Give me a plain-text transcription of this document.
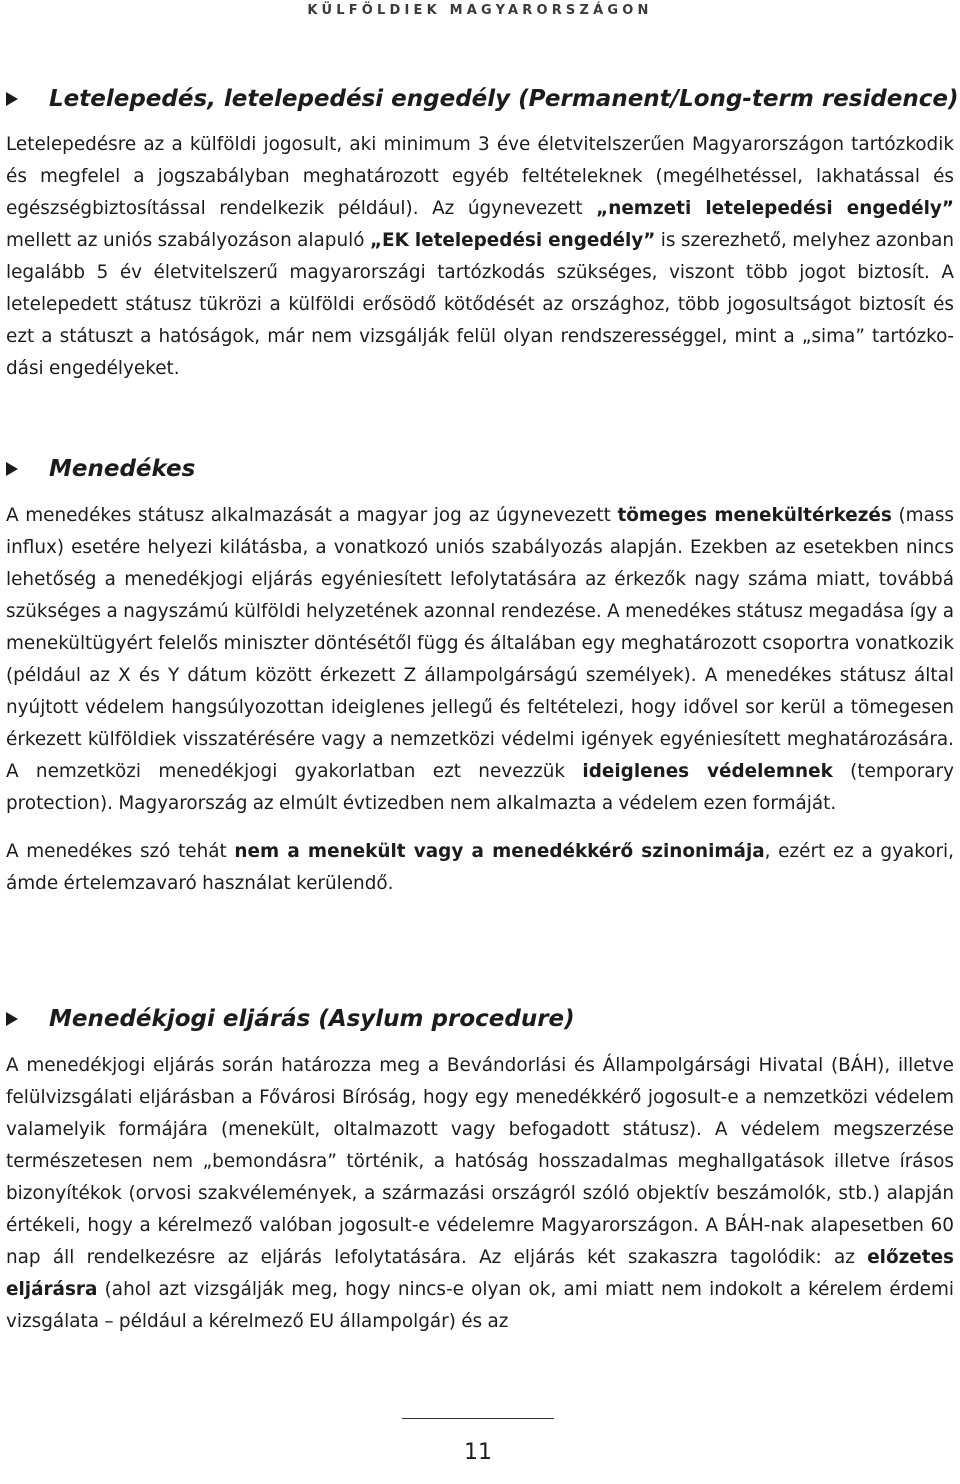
KÜLFÖLDIEK MAGYARORSZÁGON
Letelepedés, letelepedési engedély (Permanent/Long-term residence)

Letelepedésre az a külföldi jogosult, aki minimum 3 éve életvitelszerűen Magyarországon tartózkodik és megfelel a jogszabályban meghatározott egyéb feltételeknek (megélhetéssel, lakhatással és egészségbiztosítással rendelkezik például). Az úgynevezett „nemzeti letelepedési engedély” mellett az uniós szabályozáson alapuló „EK letelepedési engedély” is szerezhető, melyhez azonban legalább 5 év életvitelszerű magyarországi tartózkodás szükséges, viszont több jogot biztosít. A letelepedett státusz tükrözi a külföldi erősödő kötődését az országhoz, több jogosultságot biztosít és ezt a státuszt a hatóságok, már nem vizsgálják felül olyan rendszerességgel, mint a „sima” tartózkodási engedélyeket.

Menedékes

A menedékes státusz alkalmazását a magyar jog az úgynevezett tömeges menekültérkezés (mass influx) esetére helyezi kilátásba, a vonatkozó uniós szabályozás alapján. Ezekben az esetekben nincs lehetőség a menedékjogi eljárás egyéniesített lefolytatására az érkezők nagy száma miatt, továbbá szükséges a nagyszámú külföldi helyzetének azonnal rendezése. A menedékes státusz megadása így a menekültügyért felelős miniszter döntésétől függ és általában egy meghatározott csoportra vonatkozik (például az X és Y dátum között érkezett Z állampolgárságú személyek). A menedékes státusz által nyújtott védelem hangsúlyozottan ideiglenes jellegű és feltételezi, hogy idővel sor kerül a tömegesen érkezett külföldiek visszatérésére vagy a nemzetközi védelmi igények egyéniesített meghatározására. A nemzetközi menedékjogi gyakorlatban ezt nevezzük ideiglenes védelemnek (temporary protection). Magyarország az elmúlt évtizedben nem alkalmazta a védelem ezen formáját.

A menedékes szó tehát nem a menekült vagy a menedékkérő szinonimája, ezért ez a gyakori, ámde értelemzavaró használat kerülendő.

Menedékjogi eljárás (Asylum procedure)

A menedékjogi eljárás során határozza meg a Bevándorlási és Állampolgársági Hivatal (BÁH), illetve felülvizsgálati eljárásban a Fővárosi Bíróság, hogy egy menedékkérő jogosult-e a nemzetközi védelem valamelyik formájára (menekült, oltalmazott vagy befogadott státusz). A védelem megszerzése természetesen nem „bemondásra” történik, a hatóság hosszadalmas meghallgatások illetve írásos bizonyítékok (orvosi szakvélemények, a származási országról szóló objektív beszámolók, stb.) alapján értékeli, hogy a kérelmező valóban jogosult-e védelemre Magyarországon. A BÁH-nak alapesetben 60 nap áll rendelkezésre az eljárás lefolytatására. Az eljárás két szakaszra tagolódik: az előzetes eljárásra (ahol azt vizsgálják meg, hogy nincs-e olyan ok, ami miatt nem indokolt a kérelem érdemi vizsgálata – például a kérelmező EU állampolgár) és az

11
